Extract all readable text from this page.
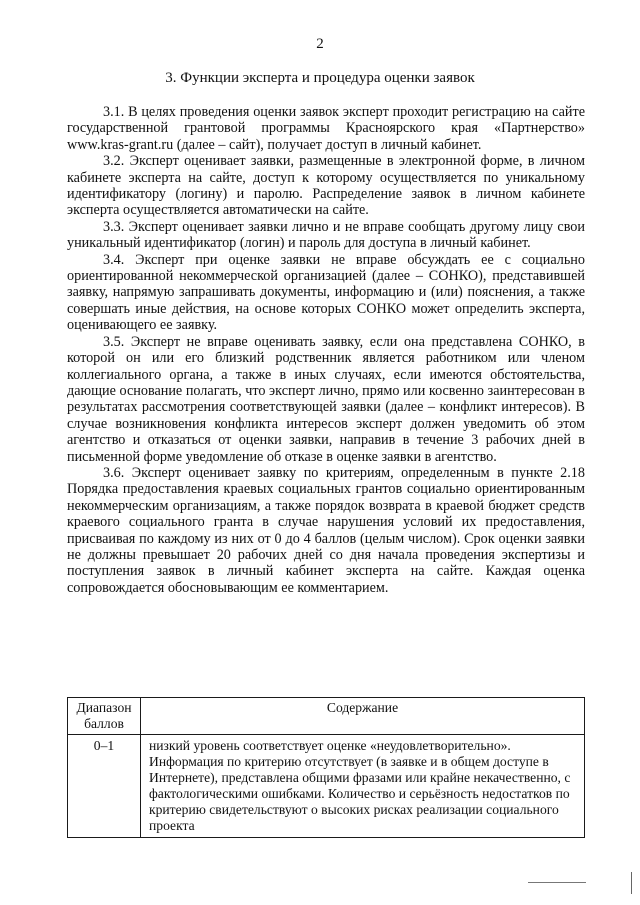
2
3. Функции эксперта и процедура оценки заявок

3.1. В целях проведения оценки заявок эксперт проходит регистрацию на сайте государственной грантовой программы Красноярского края «Партнерство» www.kras-grant.ru (далее – сайт), получает доступ в личный кабинет.

3.2. Эксперт оценивает заявки, размещенные в электронной форме, в личном кабинете эксперта на сайте, доступ к которому осуществляется по уникальному идентификатору (логину) и паролю. Распределение заявок в личном кабинете эксперта осуществляется автоматически на сайте.

3.3. Эксперт оценивает заявки лично и не вправе сообщать другому лицу свои уникальный идентификатор (логин) и пароль для доступа в личный кабинет.

3.4. Эксперт при оценке заявки не вправе обсуждать ее с социально ориентированной некоммерческой организацией (далее – СОНКО), представившей заявку, напрямую запрашивать документы, информацию и (или) пояснения, а также совершать иные действия, на основе которых СОНКО может определить эксперта, оценивающего ее заявку.

3.5. Эксперт не вправе оценивать заявку, если она представлена СОНКО, в которой он или его близкий родственник является работником или членом коллегиального органа, а также в иных случаях, если имеются обстоятельства, дающие основание полагать, что эксперт лично, прямо или косвенно заинтересован в результатах рассмотрения соответствующей заявки (далее – конфликт интересов). В случае возникновения конфликта интересов эксперт должен уведомить об этом агентство и отказаться от оценки заявки, направив в течение 3 рабочих дней в письменной форме уведомление об отказе в оценке заявки в агентство.

3.6. Эксперт оценивает заявку по критериям, определенным в пункте 2.18 Порядка предоставления краевых социальных грантов социально ориентированным некоммерческим организациям, а также порядок возврата в краевой бюджет средств краевого социального гранта в случае нарушения условий их предоставления, присваивая по каждому из них от 0 до 4 баллов (целым числом). Срок оценки заявки не должны превышает 20 рабочих дней со дня начала проведения экспертизы и поступления заявок в личный кабинет эксперта на сайте. Каждая оценка сопровождается обосновывающим ее комментарием.

Диапазон баллов	Содержание
0–1	низкий уровень соответствует оценке «неудовлетворительно». Информация по критерию отсутствует (в заявке и в общем доступе в Интернете), представлена общими фразами или крайне некачественно, с фактологическими ошибками. Количество и серьёзность недостатков по критерию свидетельствуют о высоких рисках реализации социального проекта
